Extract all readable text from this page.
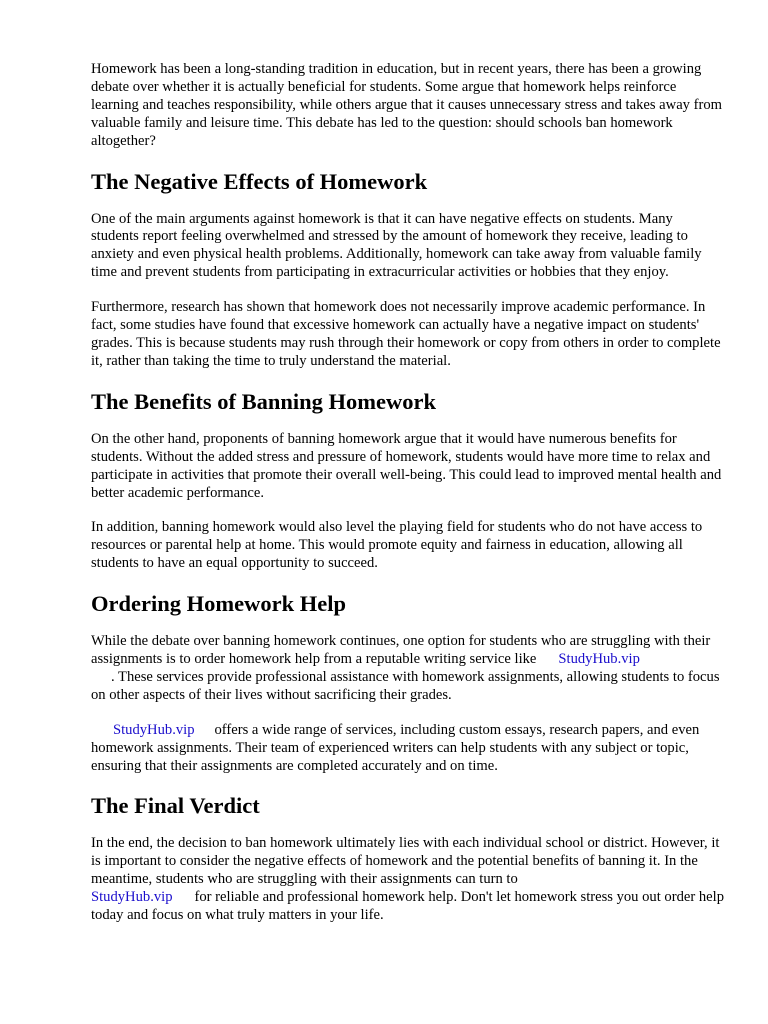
Homework has been a long-standing tradition in education, but in recent years, there has been a growing debate over whether it is actually beneficial for students. Some argue that homework helps reinforce learning and teaches responsibility, while others argue that it causes unnecessary stress and takes away from valuable family and leisure time. This debate has led to the question: should schools ban homework altogether?

The Negative Effects of Homework

One of the main arguments against homework is that it can have negative effects on students. Many students report feeling overwhelmed and stressed by the amount of homework they receive, leading to anxiety and even physical health problems. Additionally, homework can take away from valuable family time and prevent students from participating in extracurricular activities or hobbies that they enjoy.

Furthermore, research has shown that homework does not necessarily improve academic performance. In fact, some studies have found that excessive homework can actually have a negative impact on students' grades. This is because students may rush through their homework or copy from others in order to complete it, rather than taking the time to truly understand the material.

The Benefits of Banning Homework

On the other hand, proponents of banning homework argue that it would have numerous benefits for students. Without the added stress and pressure of homework, students would have more time to relax and participate in activities that promote their overall well-being. This could lead to improved mental health and better academic performance.

In addition, banning homework would also level the playing field for students who do not have access to resources or parental help at home. This would promote equity and fairness in education, allowing all students to have an equal opportunity to succeed.

Ordering Homework Help

While the debate over banning homework continues, one option for students who are struggling with their assignments is to order homework help from a reputable writing service like StudyHub.vip
. These services provide professional assistance with homework assignments, allowing students to focus on other aspects of their lives without sacrificing their grades.

StudyHub.vip offers a wide range of services, including custom essays, research papers, and even homework assignments. Their team of experienced writers can help students with any subject or topic, ensuring that their assignments are completed accurately and on time.

The Final Verdict

In the end, the decision to ban homework ultimately lies with each individual school or district. However, it is important to consider the negative effects of homework and the potential benefits of banning it. In the meantime, students who are struggling with their assignments can turn to
StudyHub.vip for reliable and professional homework help. Don't let homework stress you out order help today and focus on what truly matters in your life.
